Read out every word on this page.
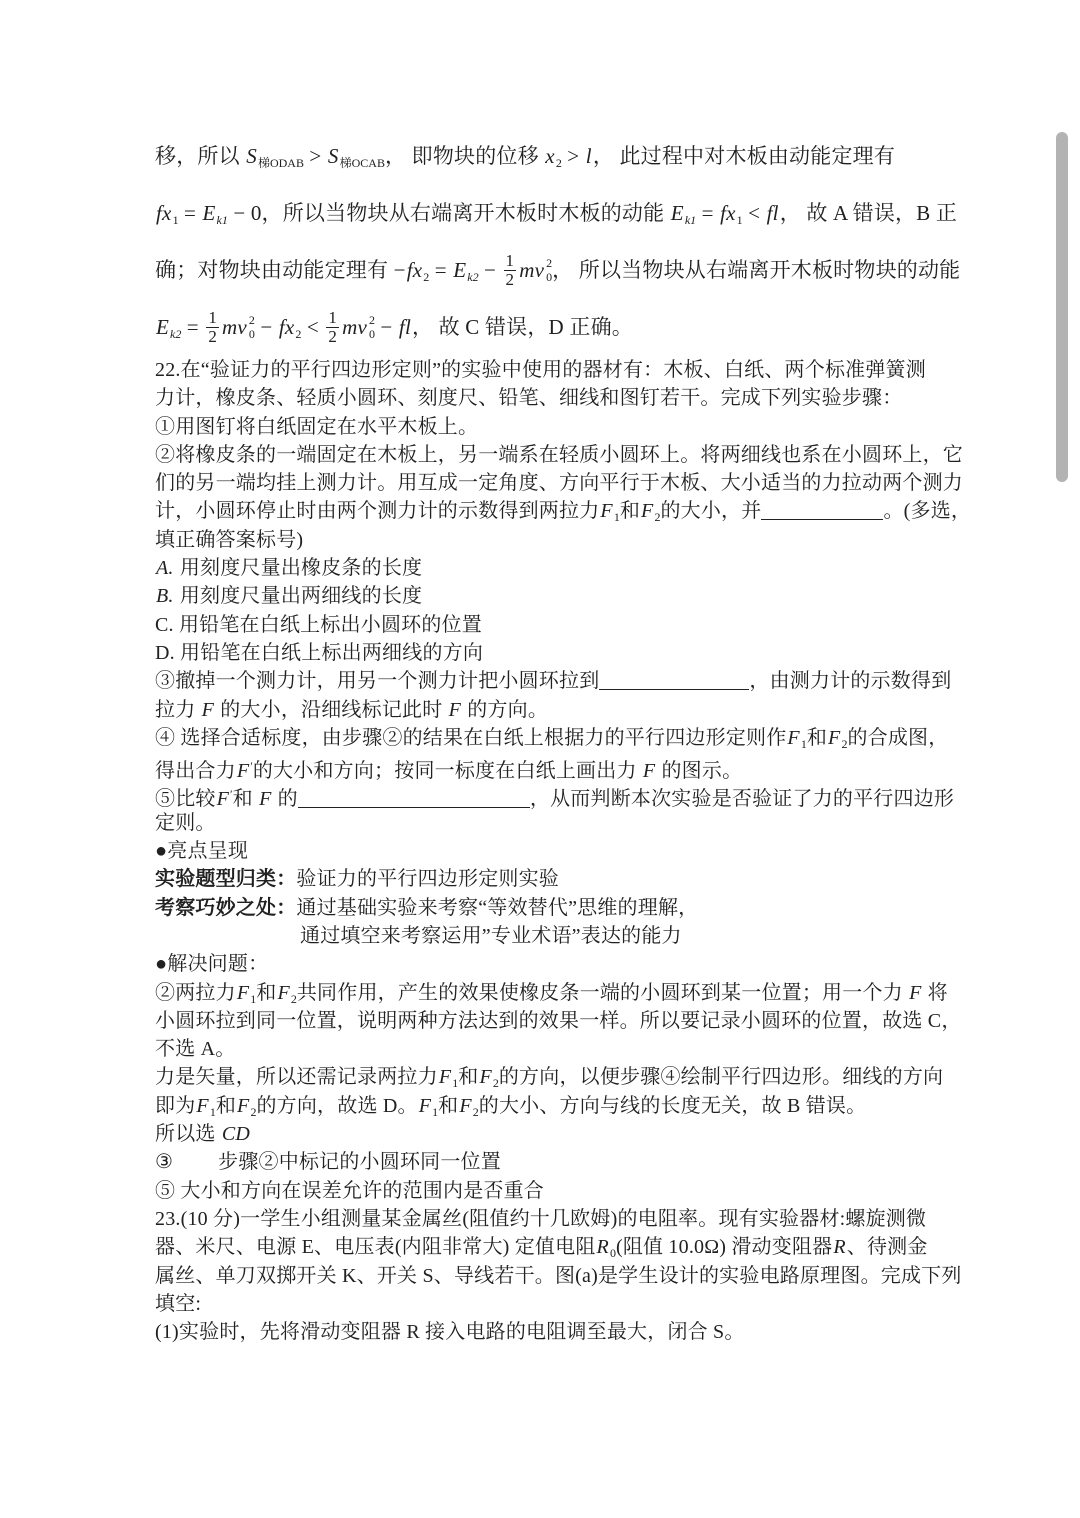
移，所以 S梯ODAB > S梯OCAB， 即物块的位移 x2 > l， 此过程中对木板由动能定理有
fx1 = Ek1 − 0，所以当物块从右端离开木板时木板的动能 Ek1 = fx1 < fl， 故 A 错误，B 正
确；对物块由动能定理有 $-fx2 = Ek2 - \frac{1}{2}$ mv 2
0 ， 所以当物块从右端离开木板时物块的动能
$Ek2 = \frac{1}{2}$ mv 2
$0 - fx2 < \frac{1}{2}$ mv 2
0 − fl， 故 C 错误，D 正确。
22.在“验证力的平行四边形定则”的实验中使用的器材有：木板、白纸、两个标准弹簧测
力计，橡皮条、轻质小圆环、刻度尺、铅笔、细线和图钉若干。完成下列实验步骤：
①用图钉将白纸固定在水平木板上。
②将橡皮条的一端固定在木板上，另一端系在轻质小圆环上。将两细线也系在小圆环上，它
们的另一端均挂上测力计。用互成一定角度、方向平行于木板、大小适当的力拉动两个测力
计，小圆环停止时由两个测力计的示数得到两拉力$F_1$和$F_2$的大小，并	。(多选，
填正确答案标号)
A. 用刻度尺量出橡皮条的长度
B. 用刻度尺量出两细线的长度
C. 用铅笔在白纸上标出小圆环的位置
D. 用铅笔在白纸上标出两细线的方向
③撤掉一个测力计，用另一个测力计把小圆环拉到	，由测力计的示数得到
拉力 F 的大小，沿细线标记此时 F 的方向。
④ 选择合适标度，由步骤②的结果在白纸上根据力的平行四边形定则作$F_1$和$F_2$的合成图，
得出合力F′的大小和方向；按同一标度在白纸上画出力 F 的图示。
⑤比较F′和 F 的	，从而判断本次实验是否验证了力的平行四边形
定则。
●亮点呈现
实验题型归类：验证力的平行四边形定则实验
考察巧妙之处：通过基础实验来考察“等效替代”思维的理解，
通过填空来考察运用”专业术语”表达的能力
●解决问题：
②两拉力$F_1$和$F_2$共同作用，产生的效果使橡皮条一端的小圆环到某一位置；用一个力 F 将
小圆环拉到同一位置，说明两种方法达到的效果一样。所以要记录小圆环的位置，故选 C，
不选 A。
力是矢量，所以还需记录两拉力$F_1$和$F_2$的方向，以便步骤④绘制平行四边形。细线的方向
即为$F_1$和$F_2$的方向，故选 D。$F_1$和$F_2$的大小、方向与线的长度无关，故 B 错误。
所以选 CD
③ 步骤②中标记的小圆环同一位置
⑤ 大小和方向在误差允许的范围内是否重合
23.(10 分)一学生小组测量某金属丝(阻值约十几欧姆)的电阻率。现有实验器材:螺旋测微
器、米尺、电源 E、电压表(内阻非常大) 定值电阻$R_0$(阻值 10.0Ω) 滑动变阻器R、待测金
属丝、单刀双掷开关 K、开关 S、导线若干。图(a)是学生设计的实验电路原理图。完成下列
填空:
(1)实验时，先将滑动变阻器 R 接入电路的电阻调至最大，闭合 S。
